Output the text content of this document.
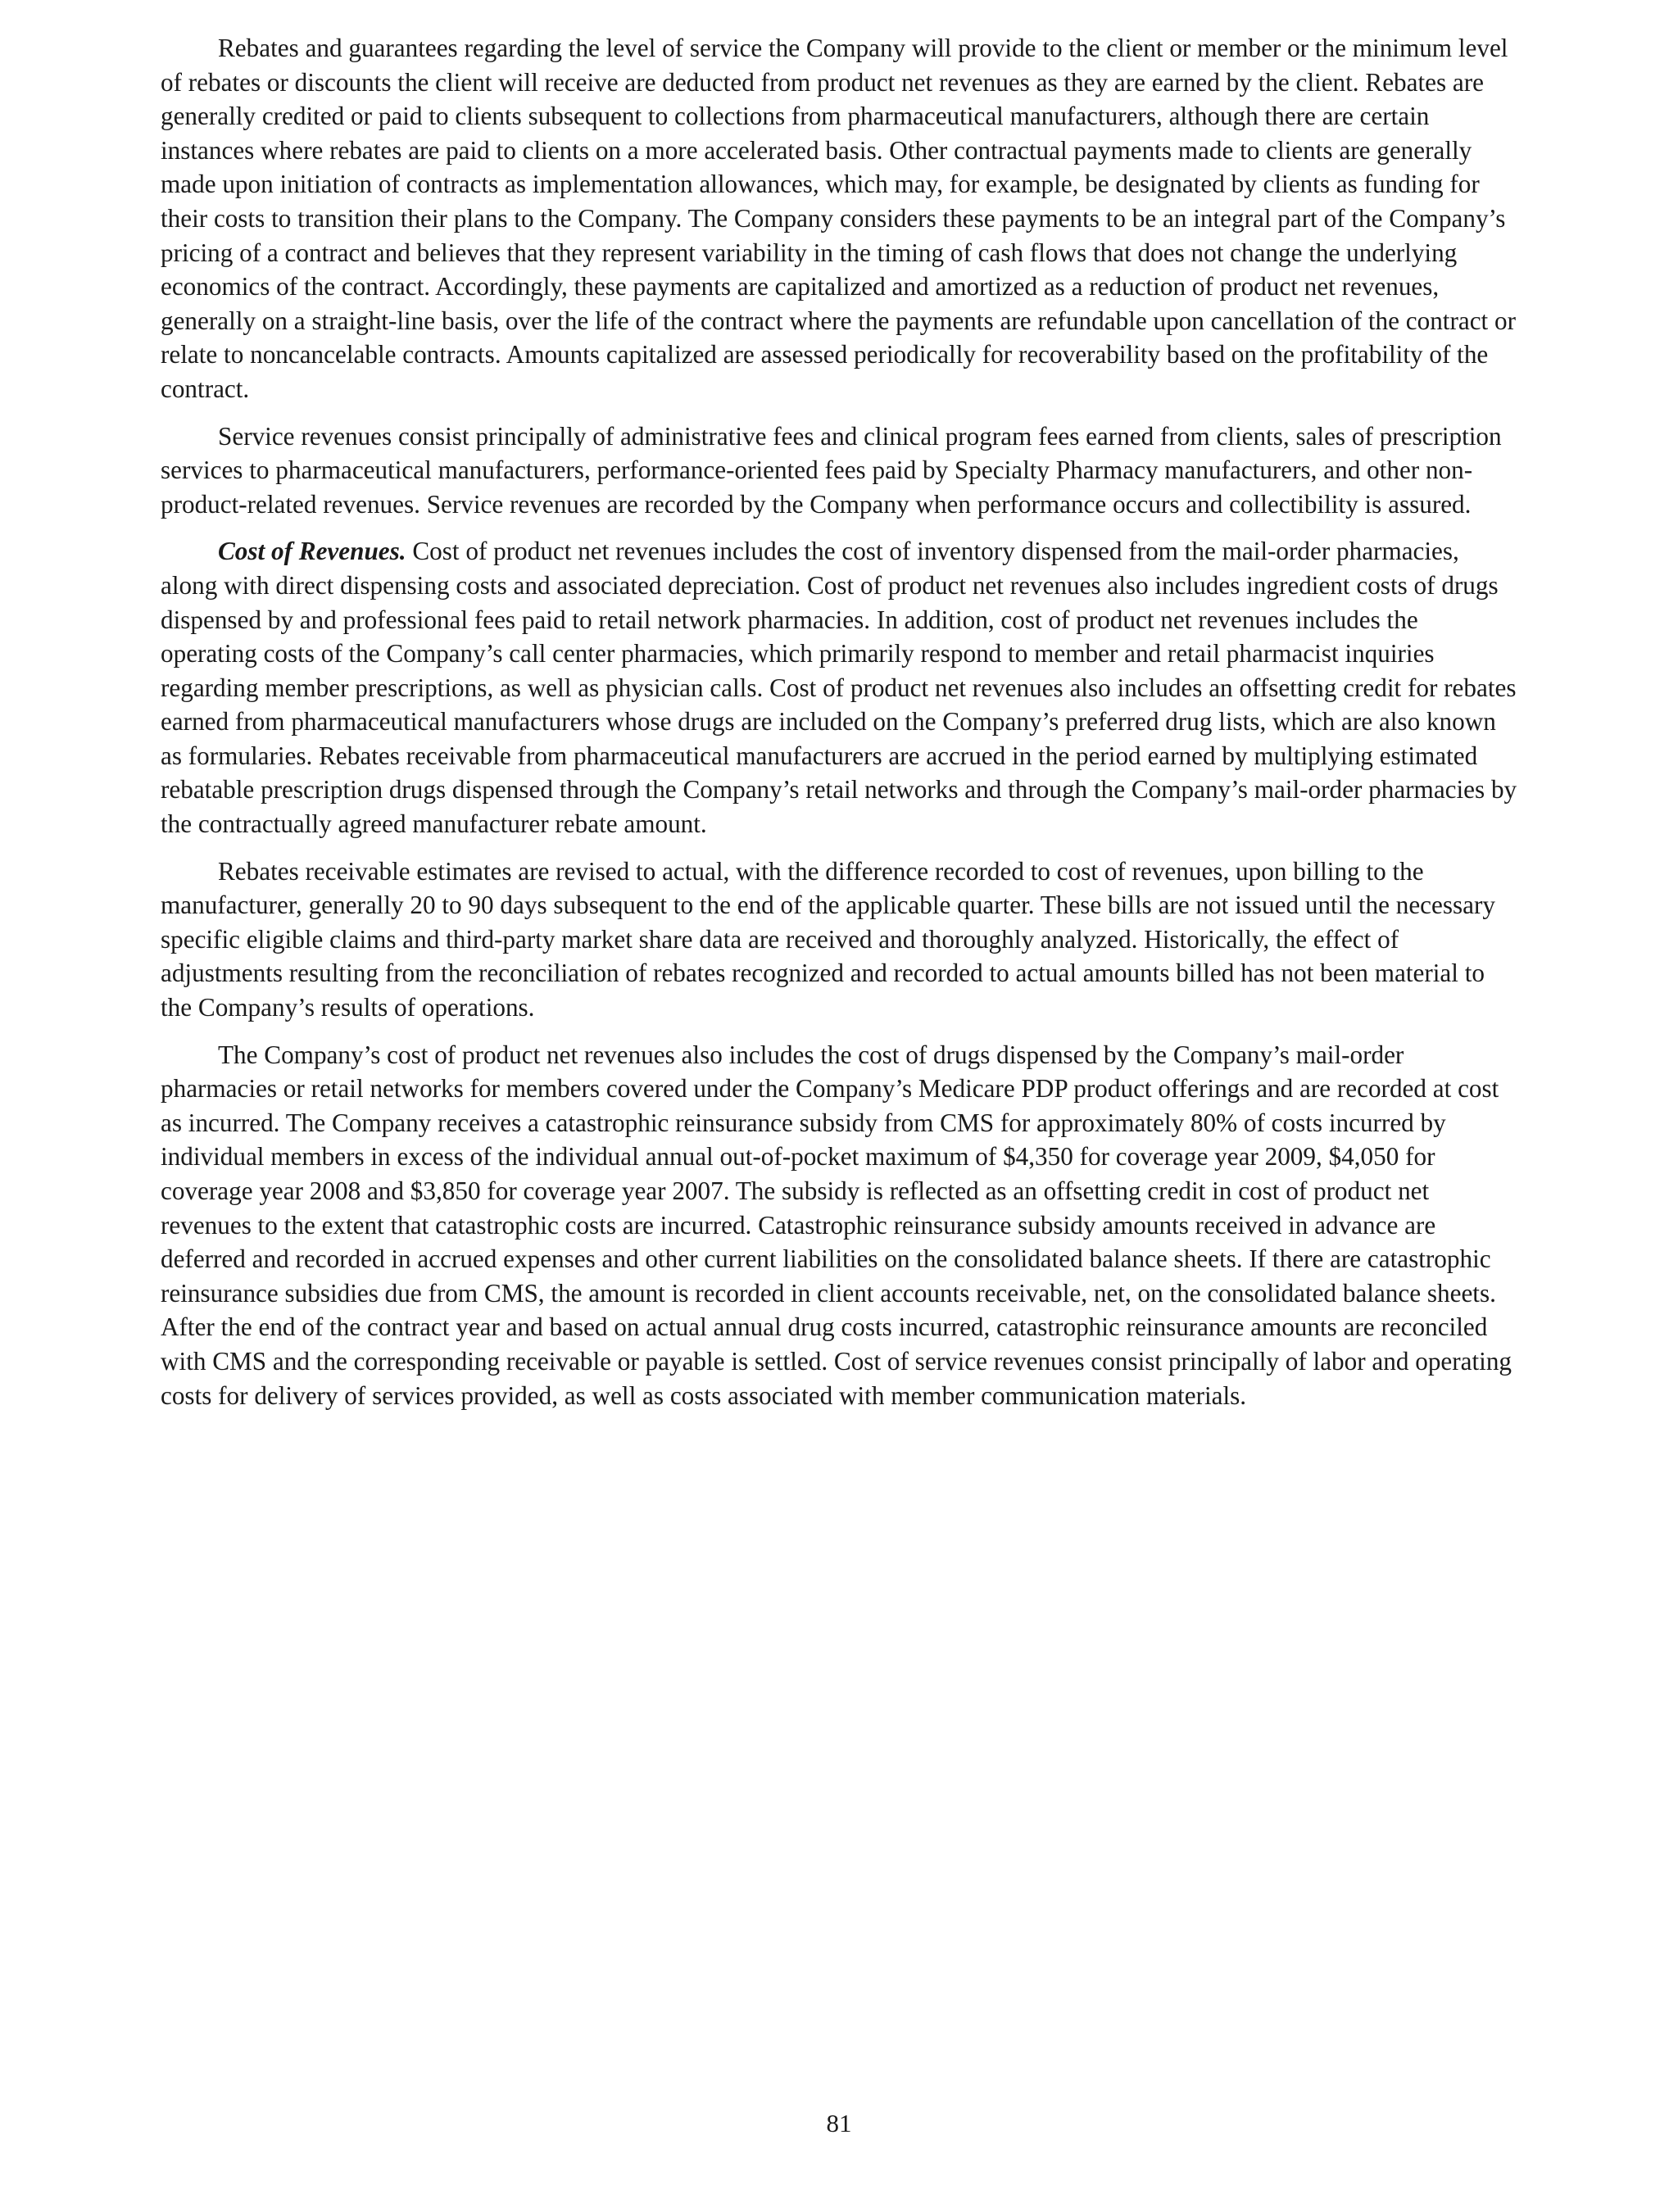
Rebates and guarantees regarding the level of service the Company will provide to the client or member or the minimum level of rebates or discounts the client will receive are deducted from product net revenues as they are earned by the client. Rebates are generally credited or paid to clients subsequent to collections from pharmaceutical manufacturers, although there are certain instances where rebates are paid to clients on a more accelerated basis. Other contractual payments made to clients are generally made upon initiation of contracts as implementation allowances, which may, for example, be designated by clients as funding for their costs to transition their plans to the Company. The Company considers these payments to be an integral part of the Company’s pricing of a contract and believes that they represent variability in the timing of cash flows that does not change the underlying economics of the contract. Accordingly, these payments are capitalized and amortized as a reduction of product net revenues, generally on a straight-line basis, over the life of the contract where the payments are refundable upon cancellation of the contract or relate to noncancelable contracts. Amounts capitalized are assessed periodically for recoverability based on the profitability of the contract.

Service revenues consist principally of administrative fees and clinical program fees earned from clients, sales of prescription services to pharmaceutical manufacturers, performance-oriented fees paid by Specialty Pharmacy manufacturers, and other non-product-related revenues. Service revenues are recorded by the Company when performance occurs and collectibility is assured.

Cost of Revenues. Cost of product net revenues includes the cost of inventory dispensed from the mail-order pharmacies, along with direct dispensing costs and associated depreciation. Cost of product net revenues also includes ingredient costs of drugs dispensed by and professional fees paid to retail network pharmacies. In addition, cost of product net revenues includes the operating costs of the Company’s call center pharmacies, which primarily respond to member and retail pharmacist inquiries regarding member prescriptions, as well as physician calls. Cost of product net revenues also includes an offsetting credit for rebates earned from pharmaceutical manufacturers whose drugs are included on the Company’s preferred drug lists, which are also known as formularies. Rebates receivable from pharmaceutical manufacturers are accrued in the period earned by multiplying estimated rebatable prescription drugs dispensed through the Company’s retail networks and through the Company’s mail-order pharmacies by the contractually agreed manufacturer rebate amount.

Rebates receivable estimates are revised to actual, with the difference recorded to cost of revenues, upon billing to the manufacturer, generally 20 to 90 days subsequent to the end of the applicable quarter. These bills are not issued until the necessary specific eligible claims and third-party market share data are received and thoroughly analyzed. Historically, the effect of adjustments resulting from the reconciliation of rebates recognized and recorded to actual amounts billed has not been material to the Company’s results of operations.

The Company’s cost of product net revenues also includes the cost of drugs dispensed by the Company’s mail-order pharmacies or retail networks for members covered under the Company’s Medicare PDP product offerings and are recorded at cost as incurred. The Company receives a catastrophic reinsurance subsidy from CMS for approximately 80% of costs incurred by individual members in excess of the individual annual out-of-pocket maximum of $4,350 for coverage year 2009, $4,050 for coverage year 2008 and $3,850 for coverage year 2007. The subsidy is reflected as an offsetting credit in cost of product net revenues to the extent that catastrophic costs are incurred. Catastrophic reinsurance subsidy amounts received in advance are deferred and recorded in accrued expenses and other current liabilities on the consolidated balance sheets. If there are catastrophic reinsurance subsidies due from CMS, the amount is recorded in client accounts receivable, net, on the consolidated balance sheets. After the end of the contract year and based on actual annual drug costs incurred, catastrophic reinsurance amounts are reconciled with CMS and the corresponding receivable or payable is settled. Cost of service revenues consist principally of labor and operating costs for delivery of services provided, as well as costs associated with member communication materials.

81
